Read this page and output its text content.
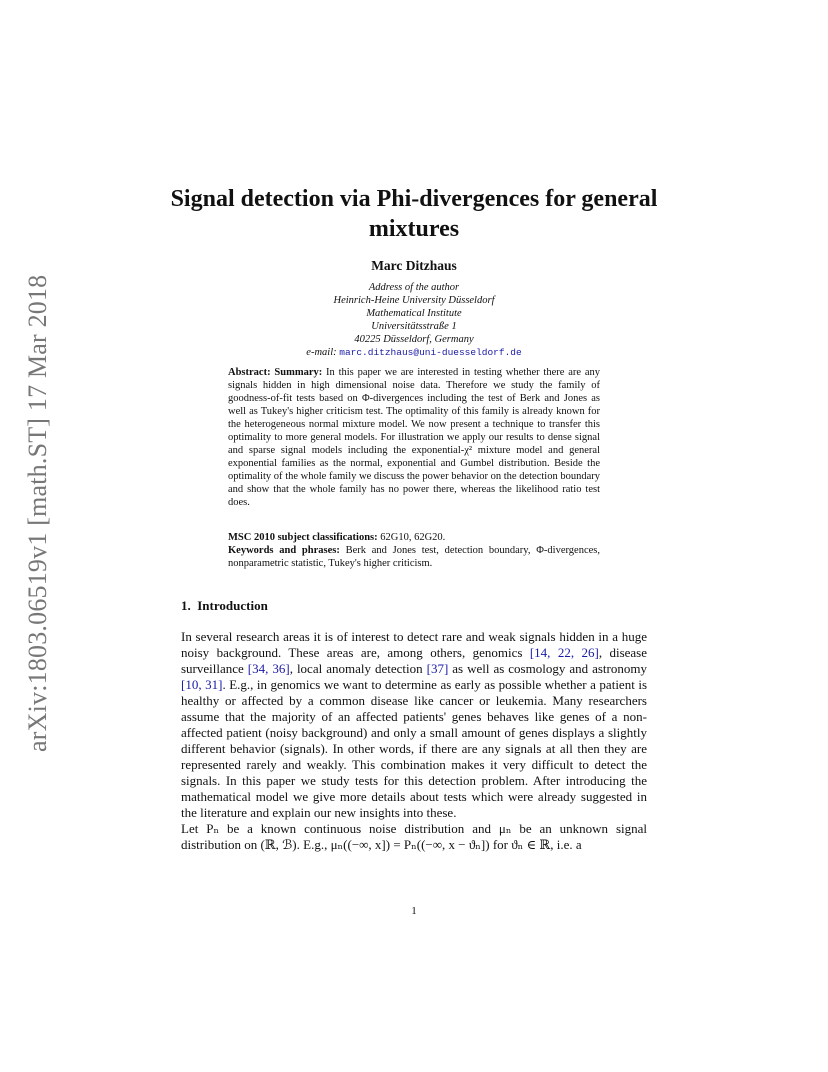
arXiv:1803.06519v1 [math.ST] 17 Mar 2018
Signal detection via Phi-divergences for general mixtures
Marc Ditzhaus
Address of the author
Heinrich-Heine University Düsseldorf
Mathematical Institute
Universitätsstraße 1
40225 Düsseldorf, Germany
e-mail: marc.ditzhaus@uni-duesseldorf.de

Abstract: Summary: In this paper we are interested in testing whether there are any signals hidden in high dimensional noise data. Therefore we study the family of goodness-of-fit tests based on Φ-divergences including the test of Berk and Jones as well as Tukey's higher criticism test. The optimality of this family is already known for the heterogeneous normal mixture model. We now present a technique to transfer this optimality to more general models. For illustration we apply our results to dense signal and sparse signal models including the exponential-χ² mixture model and general exponential families as the normal, exponential and Gumbel distribution. Beside the optimality of the whole family we discuss the power behavior on the detection boundary and show that the whole family has no power there, whereas the likelihood ratio test does.

MSC 2010 subject classifications: 62G10, 62G20.

Keywords and phrases: Berk and Jones test, detection boundary, Φ-divergences, nonparametric statistic, Tukey's higher criticism.

1. Introduction

In several research areas it is of interest to detect rare and weak signals hidden in a huge noisy background. These areas are, among others, genomics [14, 22, 26], disease surveillance [34, 36], local anomaly detection [37] as well as cosmology and astronomy [10, 31]. E.g., in genomics we want to determine as early as possible whether a patient is healthy or affected by a common disease like cancer or leukemia. Many researchers assume that the majority of an affected patients' genes behaves like genes of a non-affected patient (noisy background) and only a small amount of genes displays a slightly different behavior (signals). In other words, if there are any signals at all then they are represented rarely and weakly. This combination makes it very difficult to detect the signals. In this paper we study tests for this detection problem. After introducing the mathematical model we give more details about tests which were already suggested in the literature and explain our new insights into these.

Let Pₙ be a known continuous noise distribution and μₙ be an unknown signal distribution on (ℝ, ℬ). E.g., μₙ((−∞, x]) = Pₙ((−∞, x − ϑₙ]) for ϑₙ ∈ ℝ, i.e. a

1
